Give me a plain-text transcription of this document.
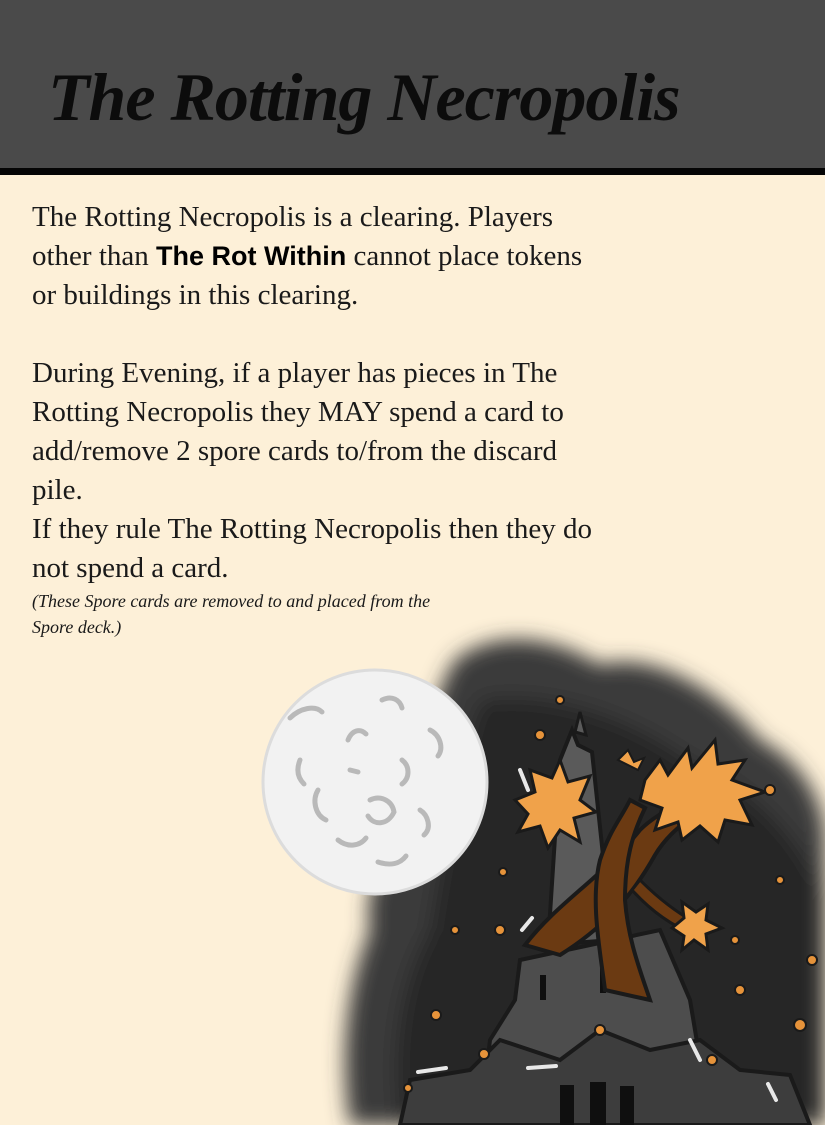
The Rotting Necropolis

The Rotting Necropolis is a clearing. Players other than The Rot Within cannot place tokens or buildings in this clearing.

During Evening, if a player has pieces in The Rotting Necropolis they MAY spend a card to add/remove 2 spore cards to/from the discard pile.

If they rule The Rotting Necropolis then they do not spend a card.

(These Spore cards are removed to and placed from the Spore deck.)
